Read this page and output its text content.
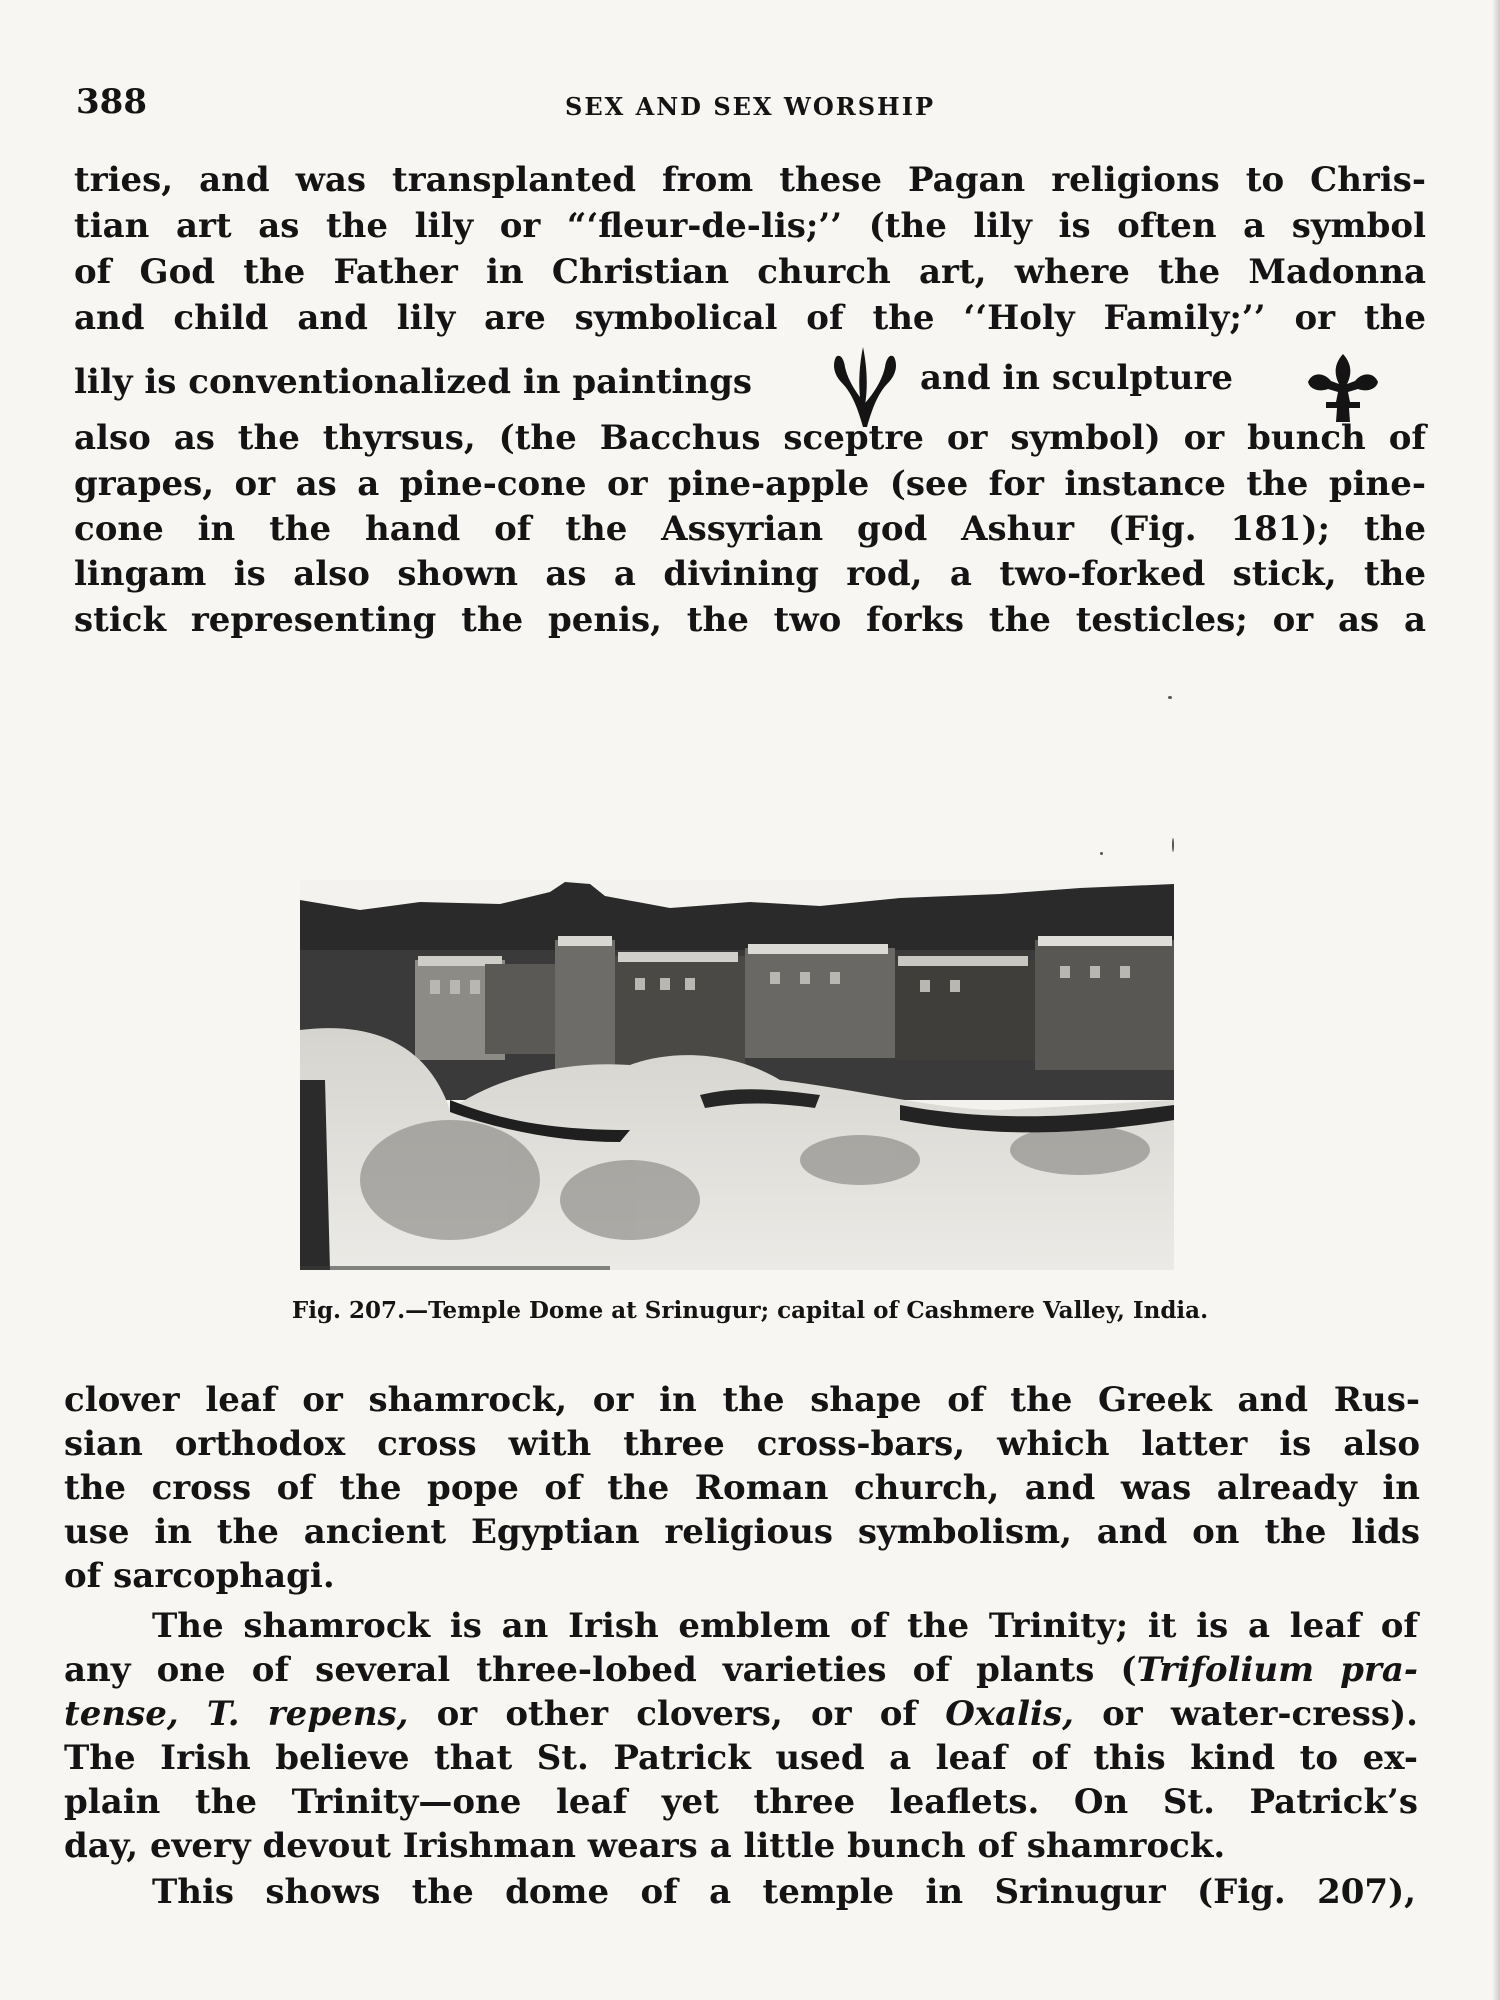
388	SEX AND SEX WORSHIP

tries, and was transplanted from these Pagan religions to Chris-

tian art as the lily or “‘fleur-de-lis;’’ (the lily is often a symbol

of God the Father in Christian church art, where the Madonna

and child and lily are symbolical of the ‘‘Holy Family;’’ or the

lily is conventionalized in paintings	and in sculpture

also as the thyrsus, (the Bacchus sceptre or symbol) or bunch of

grapes, or as a pine-cone or pine-apple (see for instance the pine-

cone in the hand of the Assyrian god Ashur (Fig. 181); the

lingam is also shown as a divining rod, a two-forked stick, the

stick representing the penis, the two forks the testicles; or as a

Fig. 207.—Temple Dome at Srinugur; capital of Cashmere Valley, India.

clover leaf or shamrock, or in the shape of the Greek and Rus-

sian orthodox cross with three cross-bars, which latter is also

the cross of the pope of the Roman church, and was already in

use in the ancient Egyptian religious symbolism, and on the lids

of sarcophagi.

The shamrock is an Irish emblem of the Trinity; it is a leaf of

any one of several three-lobed varieties of plants (Trifolium pra-

tense, T. repens, or other clovers, or of Oxalis, or water-cress).

The Irish believe that St. Patrick used a leaf of this kind to ex-

plain the Trinity—one leaf yet three leaflets. On St. Patrick’s

day, every devout Irishman wears a little bunch of shamrock.

This shows the dome of a temple in Srinugur (Fig. 207),
